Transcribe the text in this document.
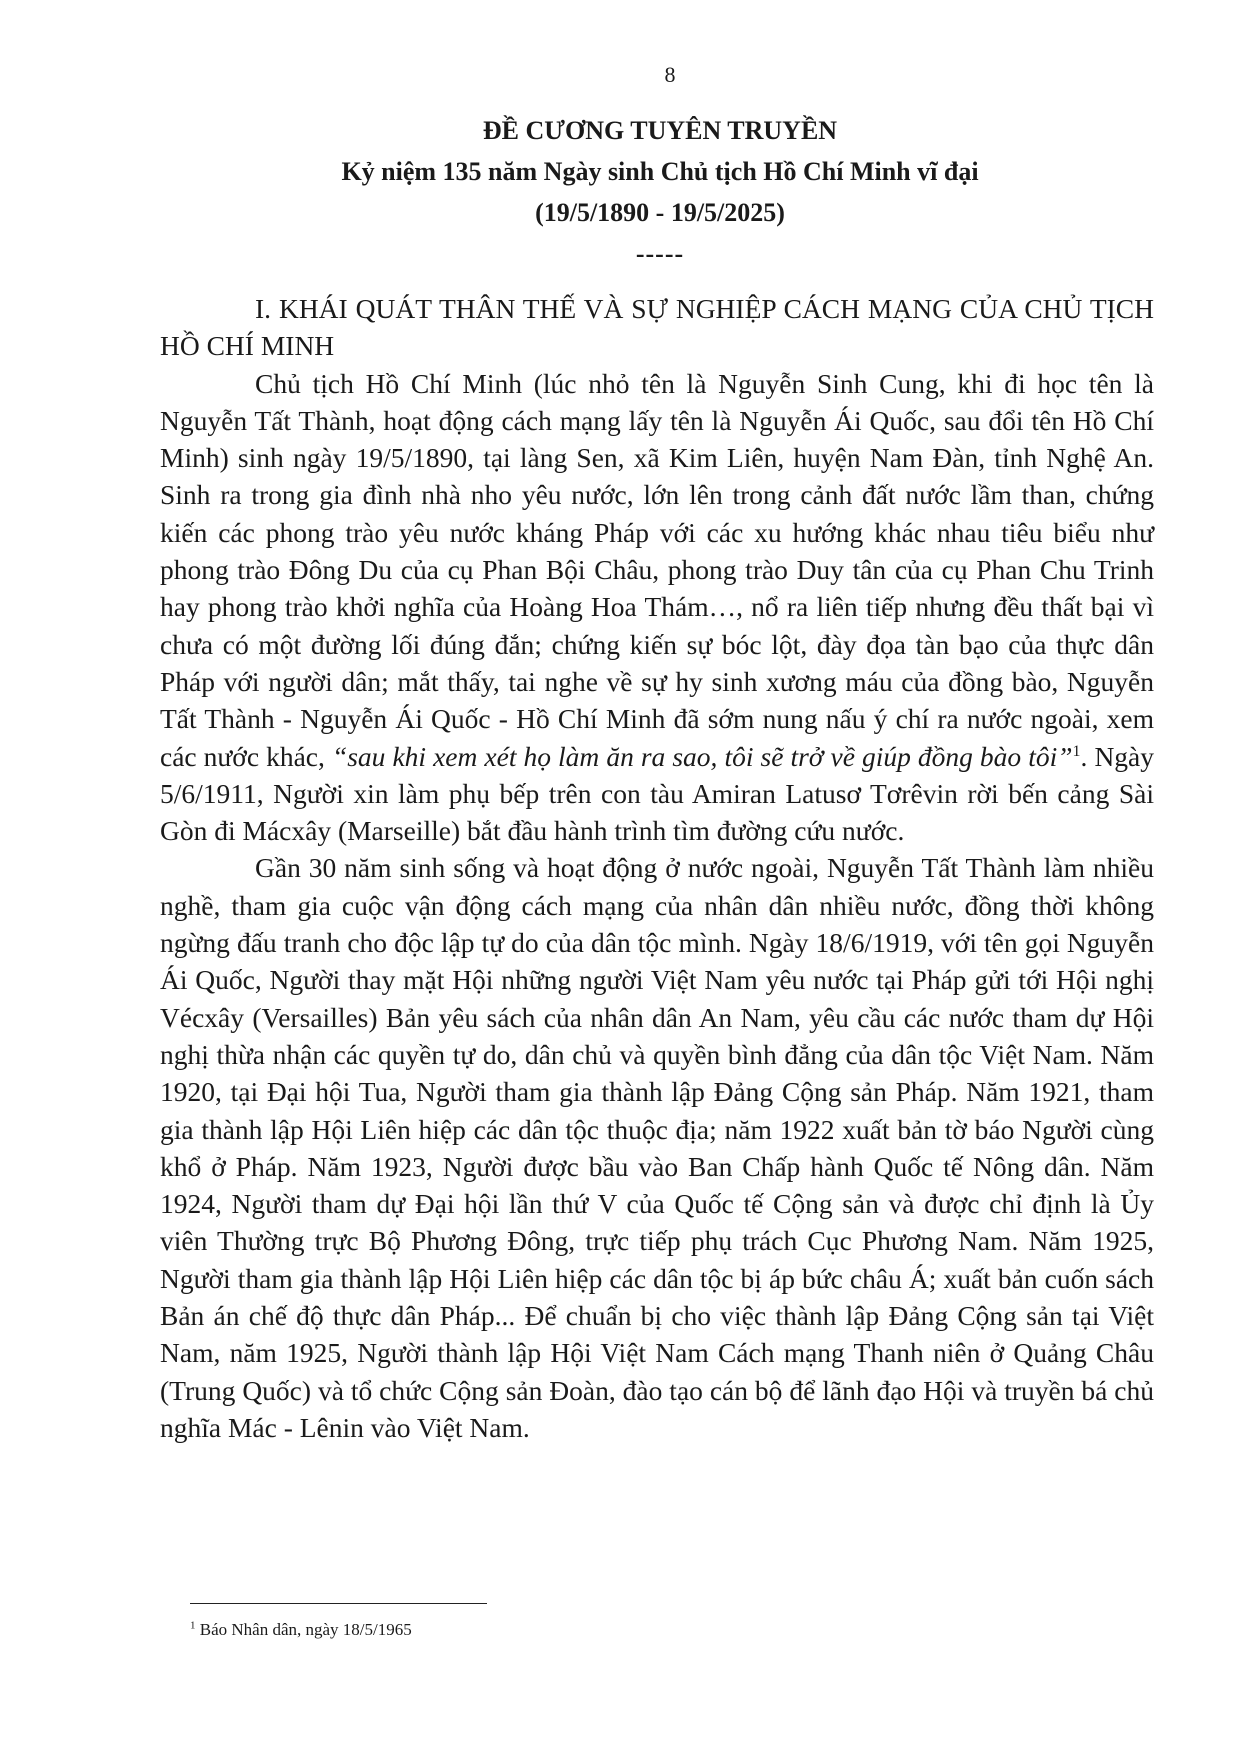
8
ĐỀ CƯƠNG TUYÊN TRUYỀN
Kỷ niệm 135 năm Ngày sinh Chủ tịch Hồ Chí Minh vĩ đại
(19/5/1890 - 19/5/2025)
-----

I. KHÁI QUÁT THÂN THẾ VÀ SỰ NGHIỆP CÁCH MẠNG CỦA CHỦ TỊCH HỒ CHÍ MINH

Chủ tịch Hồ Chí Minh (lúc nhỏ tên là Nguyễn Sinh Cung, khi đi học tên là Nguyễn Tất Thành, hoạt động cách mạng lấy tên là Nguyễn Ái Quốc, sau đổi tên Hồ Chí Minh) sinh ngày 19/5/1890, tại làng Sen, xã Kim Liên, huyện Nam Đàn, tỉnh Nghệ An. Sinh ra trong gia đình nhà nho yêu nước, lớn lên trong cảnh đất nước lầm than, chứng kiến các phong trào yêu nước kháng Pháp với các xu hướng khác nhau tiêu biểu như phong trào Đông Du của cụ Phan Bội Châu, phong trào Duy tân của cụ Phan Chu Trinh hay phong trào khởi nghĩa của Hoàng Hoa Thám…, nổ ra liên tiếp nhưng đều thất bại vì chưa có một đường lối đúng đắn; chứng kiến sự bóc lột, đày đọa tàn bạo của thực dân Pháp với người dân; mắt thấy, tai nghe về sự hy sinh xương máu của đồng bào, Nguyễn Tất Thành - Nguyễn Ái Quốc - Hồ Chí Minh đã sớm nung nấu ý chí ra nước ngoài, xem các nước khác, “sau khi xem xét họ làm ăn ra sao, tôi sẽ trở về giúp đồng bào tôi”$^1$. Ngày 5/6/1911, Người xin làm phụ bếp trên con tàu Amiran Latusơ Tơrêvin rời bến cảng Sài Gòn đi Mácxây (Marseille) bắt đầu hành trình tìm đường cứu nước.

Gần 30 năm sinh sống và hoạt động ở nước ngoài, Nguyễn Tất Thành làm nhiều nghề, tham gia cuộc vận động cách mạng của nhân dân nhiều nước, đồng thời không ngừng đấu tranh cho độc lập tự do của dân tộc mình. Ngày 18/6/1919, với tên gọi Nguyễn Ái Quốc, Người thay mặt Hội những người Việt Nam yêu nước tại Pháp gửi tới Hội nghị Vécxây (Versailles) Bản yêu sách của nhân dân An Nam, yêu cầu các nước tham dự Hội nghị thừa nhận các quyền tự do, dân chủ và quyền bình đẳng của dân tộc Việt Nam. Năm 1920, tại Đại hội Tua, Người tham gia thành lập Đảng Cộng sản Pháp. Năm 1921, tham gia thành lập Hội Liên hiệp các dân tộc thuộc địa; năm 1922 xuất bản tờ báo Người cùng khổ ở Pháp. Năm 1923, Người được bầu vào Ban Chấp hành Quốc tế Nông dân. Năm 1924, Người tham dự Đại hội lần thứ V của Quốc tế Cộng sản và được chỉ định là Ủy viên Thường trực Bộ Phương Đông, trực tiếp phụ trách Cục Phương Nam. Năm 1925, Người tham gia thành lập Hội Liên hiệp các dân tộc bị áp bức châu Á; xuất bản cuốn sách Bản án chế độ thực dân Pháp... Để chuẩn bị cho việc thành lập Đảng Cộng sản tại Việt Nam, năm 1925, Người thành lập Hội Việt Nam Cách mạng Thanh niên ở Quảng Châu (Trung Quốc) và tổ chức Cộng sản Đoàn, đào tạo cán bộ để lãnh đạo Hội và truyền bá chủ nghĩa Mác - Lênin vào Việt Nam.

$^1$ Báo Nhân dân, ngày 18/5/1965
